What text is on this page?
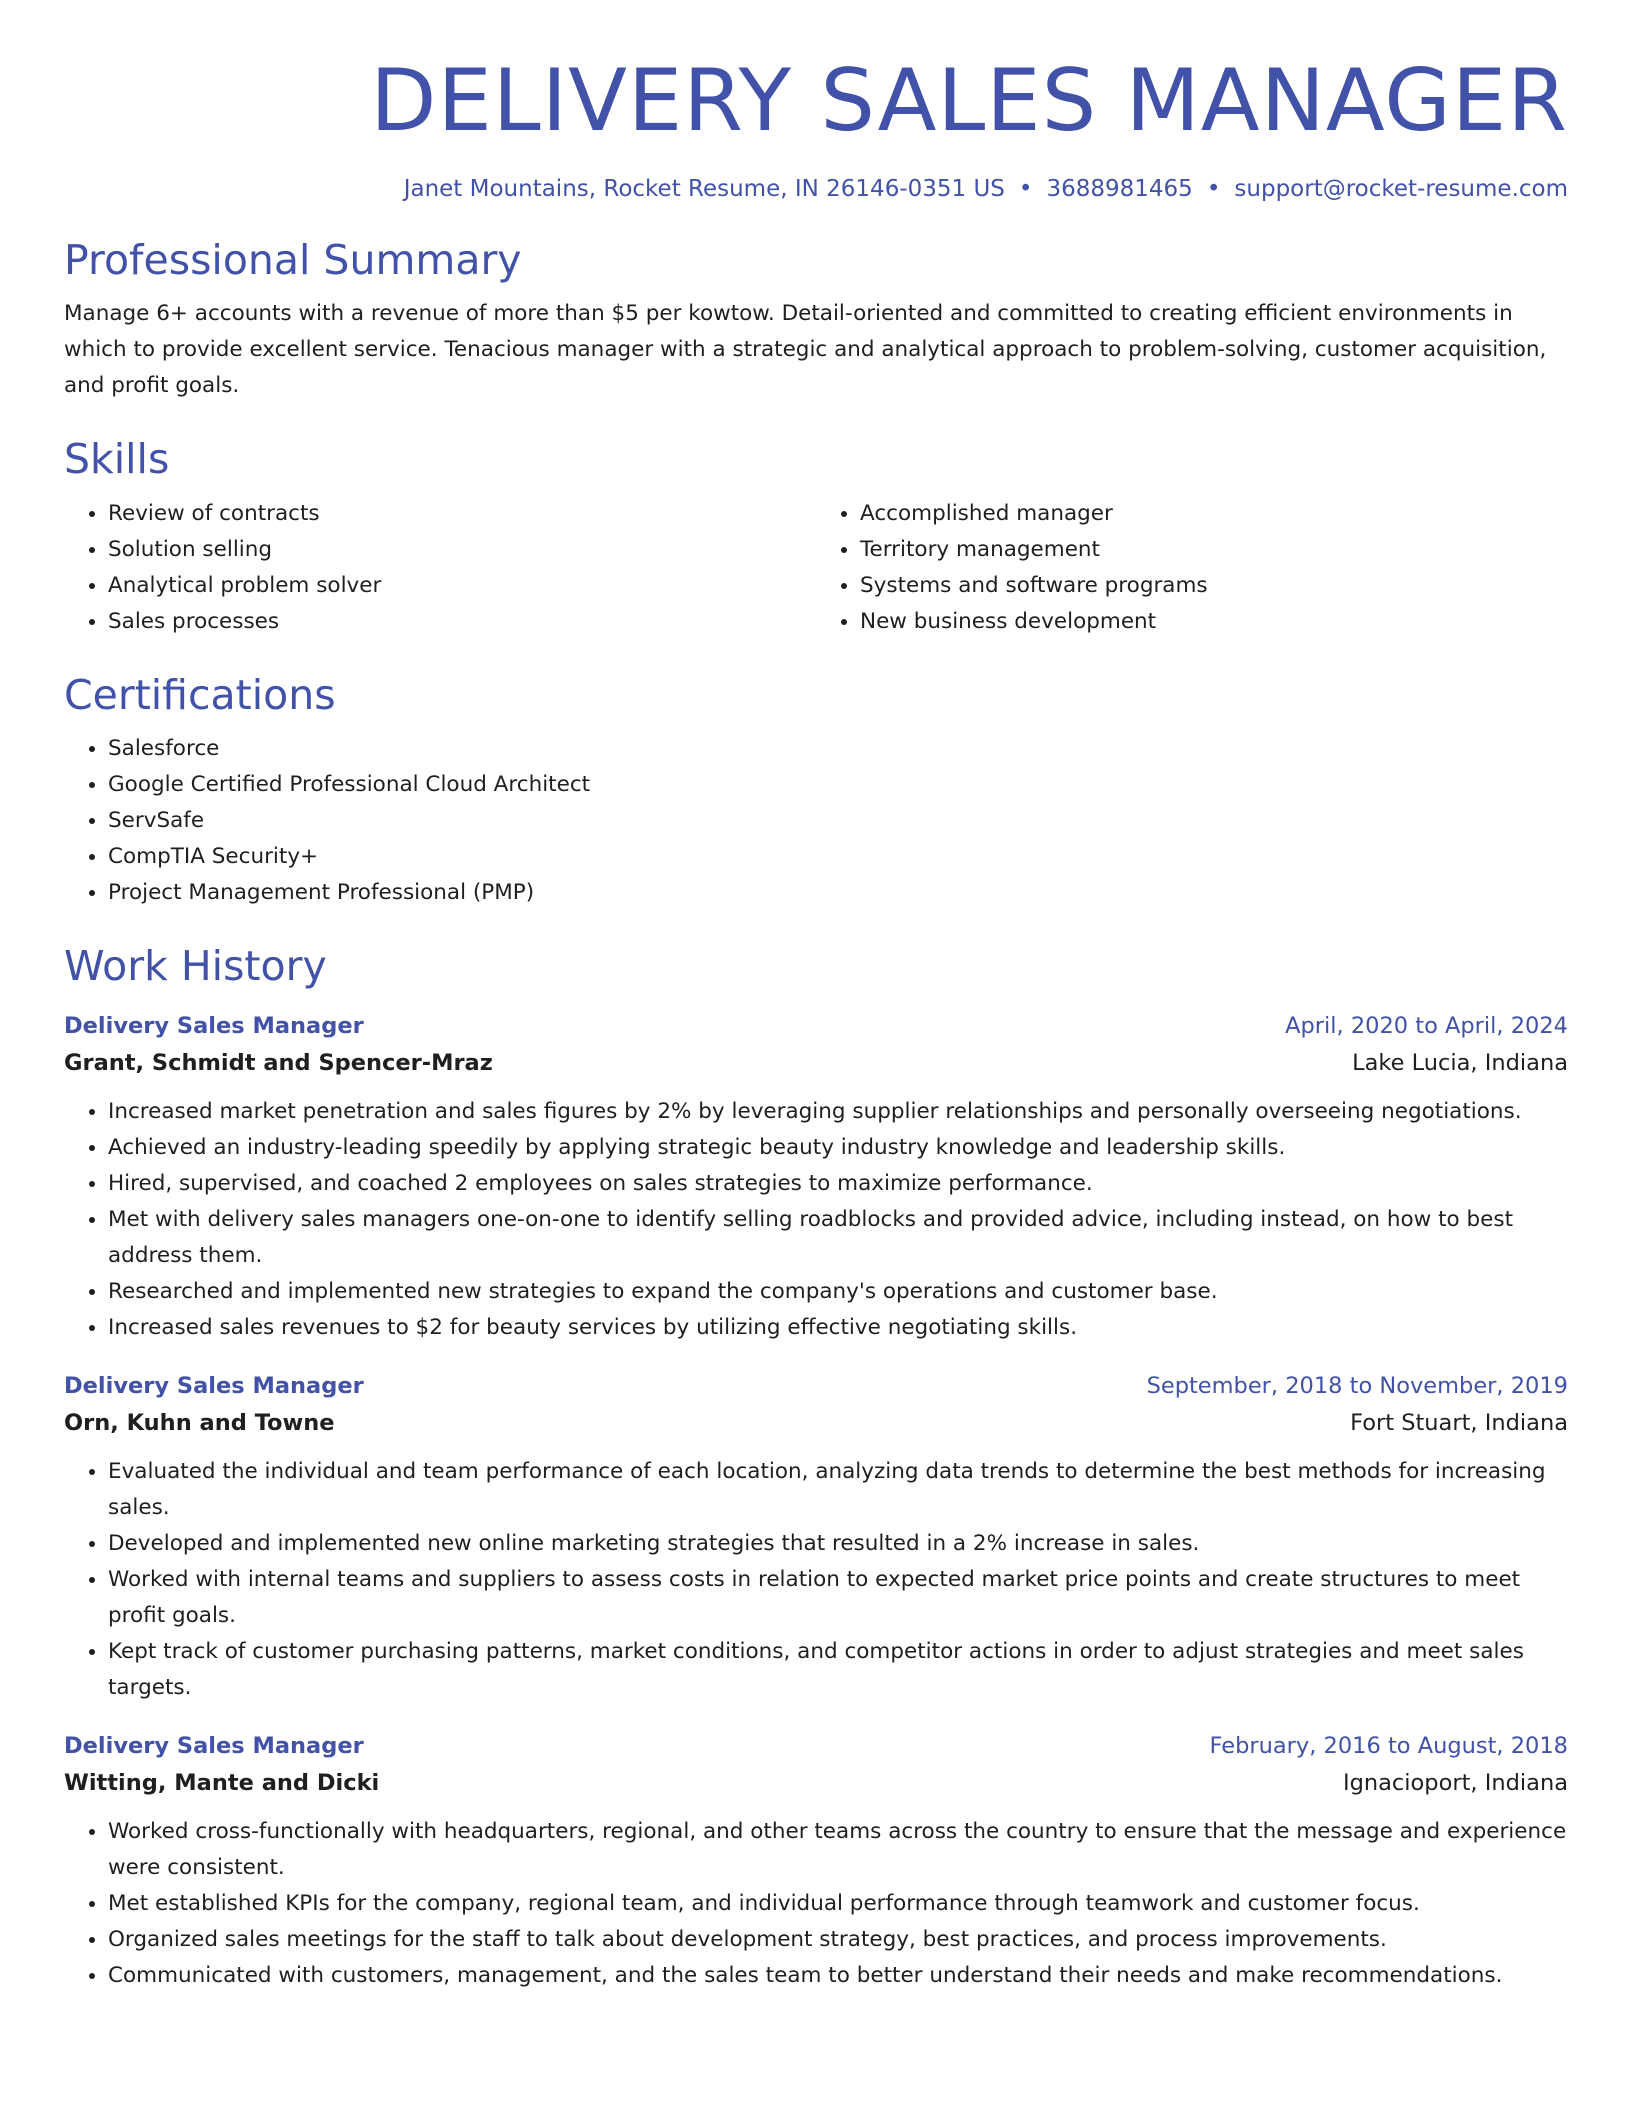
DELIVERY SALES MANAGER
Janet Mountains, Rocket Resume, IN 26146-0351 US • 3688981465 • support@rocket-resume.com
Professional Summary

Manage 6+ accounts with a revenue of more than $5 per kowtow. Detail-oriented and committed to creating efficient environments in which to provide excellent service. Tenacious manager with a strategic and analytical approach to problem-solving, customer acquisition, and profit goals.

Skills
• Review of contracts
• Solution selling
• Analytical problem solver
• Sales processes
• Accomplished manager
• Territory management
• Systems and software programs
• New business development
Certifications
• Salesforce
• Google Certified Professional Cloud Architect
• ServSafe
• CompTIA Security+
• Project Management Professional (PMP)
Work History
Delivery Sales Manager	April, 2020 to April, 2024
Grant, Schmidt and Spencer-Mraz	Lake Lucia, Indiana
• Increased market penetration and sales figures by 2% by leveraging supplier relationships and personally overseeing negotiations.
• Achieved an industry-leading speedily by applying strategic beauty industry knowledge and leadership skills.
• Hired, supervised, and coached 2 employees on sales strategies to maximize performance.
• Met with delivery sales managers one-on-one to identify selling roadblocks and provided advice, including instead, on how to best address them.
• Researched and implemented new strategies to expand the company's operations and customer base.
• Increased sales revenues to $2 for beauty services by utilizing effective negotiating skills.
Delivery Sales Manager	September, 2018 to November, 2019
Orn, Kuhn and Towne	Fort Stuart, Indiana
• Evaluated the individual and team performance of each location, analyzing data trends to determine the best methods for increasing sales.
• Developed and implemented new online marketing strategies that resulted in a 2% increase in sales.
• Worked with internal teams and suppliers to assess costs in relation to expected market price points and create structures to meet profit goals.
• Kept track of customer purchasing patterns, market conditions, and competitor actions in order to adjust strategies and meet sales targets.
Delivery Sales Manager	February, 2016 to August, 2018
Witting, Mante and Dicki	Ignacioport, Indiana
• Worked cross-functionally with headquarters, regional, and other teams across the country to ensure that the message and experience were consistent.
• Met established KPIs for the company, regional team, and individual performance through teamwork and customer focus.
• Organized sales meetings for the staff to talk about development strategy, best practices, and process improvements.
• Communicated with customers, management, and the sales team to better understand their needs and make recommendations.
